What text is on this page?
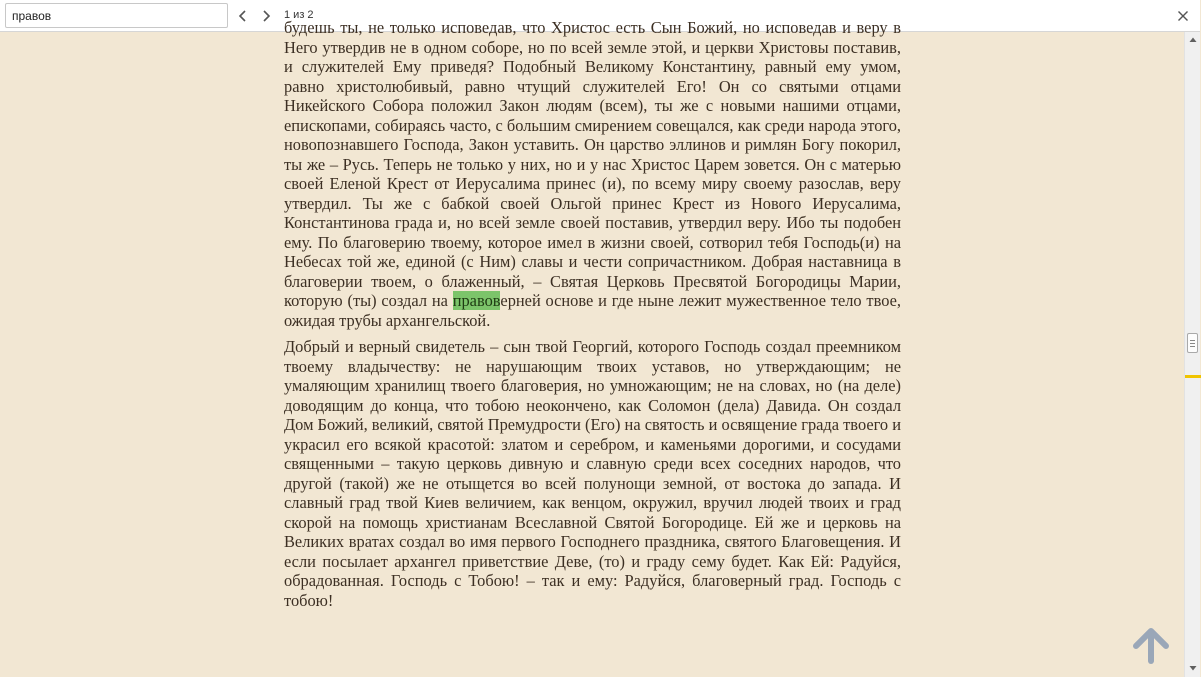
правов
1 из 2

будешь ты, не только исповедав, что Христос есть Сын Божий, но исповедав и веру в Него утвердив не в одном соборе, но по всей земле этой, и церкви Христовы поставив, и служителей Ему приведя? Подобный Великому Константину, равный ему умом, равно христолюбивый, равно чтущий служителей Его! Он со святыми отцами Никейского Собора положил Закон людям (всем), ты же с новыми нашими отцами, епископами, собираясь часто, с большим смирением совещался, как среди народа этого, новопознавшего Господа, Закон уставить. Он царство эллинов и римлян Богу покорил, ты же – Русь. Теперь не только у них, но и у нас Христос Царем зовется. Он с матерью своей Еленой Крест от Иерусалима принес (и), по всему миру своему разослав, веру утвердил. Ты же с бабкой своей Ольгой принес Крест из Нового Иерусалима, Константинова града и, но всей земле своей поставив, утвердил веру. Ибо ты подобен ему. По благоверию твоему, которое имел в жизни своей, сотворил тебя Господь(и) на Небесах той же, единой (с Ним) славы и чести сопричастником. Добрая наставница в благоверии твоем, о блаженный, – Святая Церковь Пресвятой Богородицы Марии, которую (ты) создал на правоверней основе и где ныне лежит мужественное тело твое, ожидая трубы архангельской.

Добрый и верный свидетель – сын твой Георгий, которого Господь создал преемником твоему владычеству: не нарушающим твоих уставов, но утверждающим; не умаляющим хранилищ твоего благоверия, но умножающим; не на словах, но (на деле) доводящим до конца, что тобою неокончено, как Соломон (дела) Давида. Он создал Дом Божий, великий, святой Премудрости (Его) на святость и освящение града твоего и украсил его всякой красотой: златом и серебром, и каменьями дорогими, и сосудами священными – такую церковь дивную и славную среди всех соседних народов, что другой (такой) же не отыщется во всей полунощи земной, от востока до запада. И славный град твой Киев величием, как венцом, окружил, вручил людей твоих и град скорой на помощь христианам Всеславной Святой Богородице. Ей же и церковь на Великих вратах создал во имя первого Господнего праздника, святого Благовещения. И если посылает архангел приветствие Деве, (то) и граду сему будет. Как Ей: Радуйся, обрадованная. Господь с Тобою! – так и ему: Радуйся, благоверный град. Господь с тобою!
